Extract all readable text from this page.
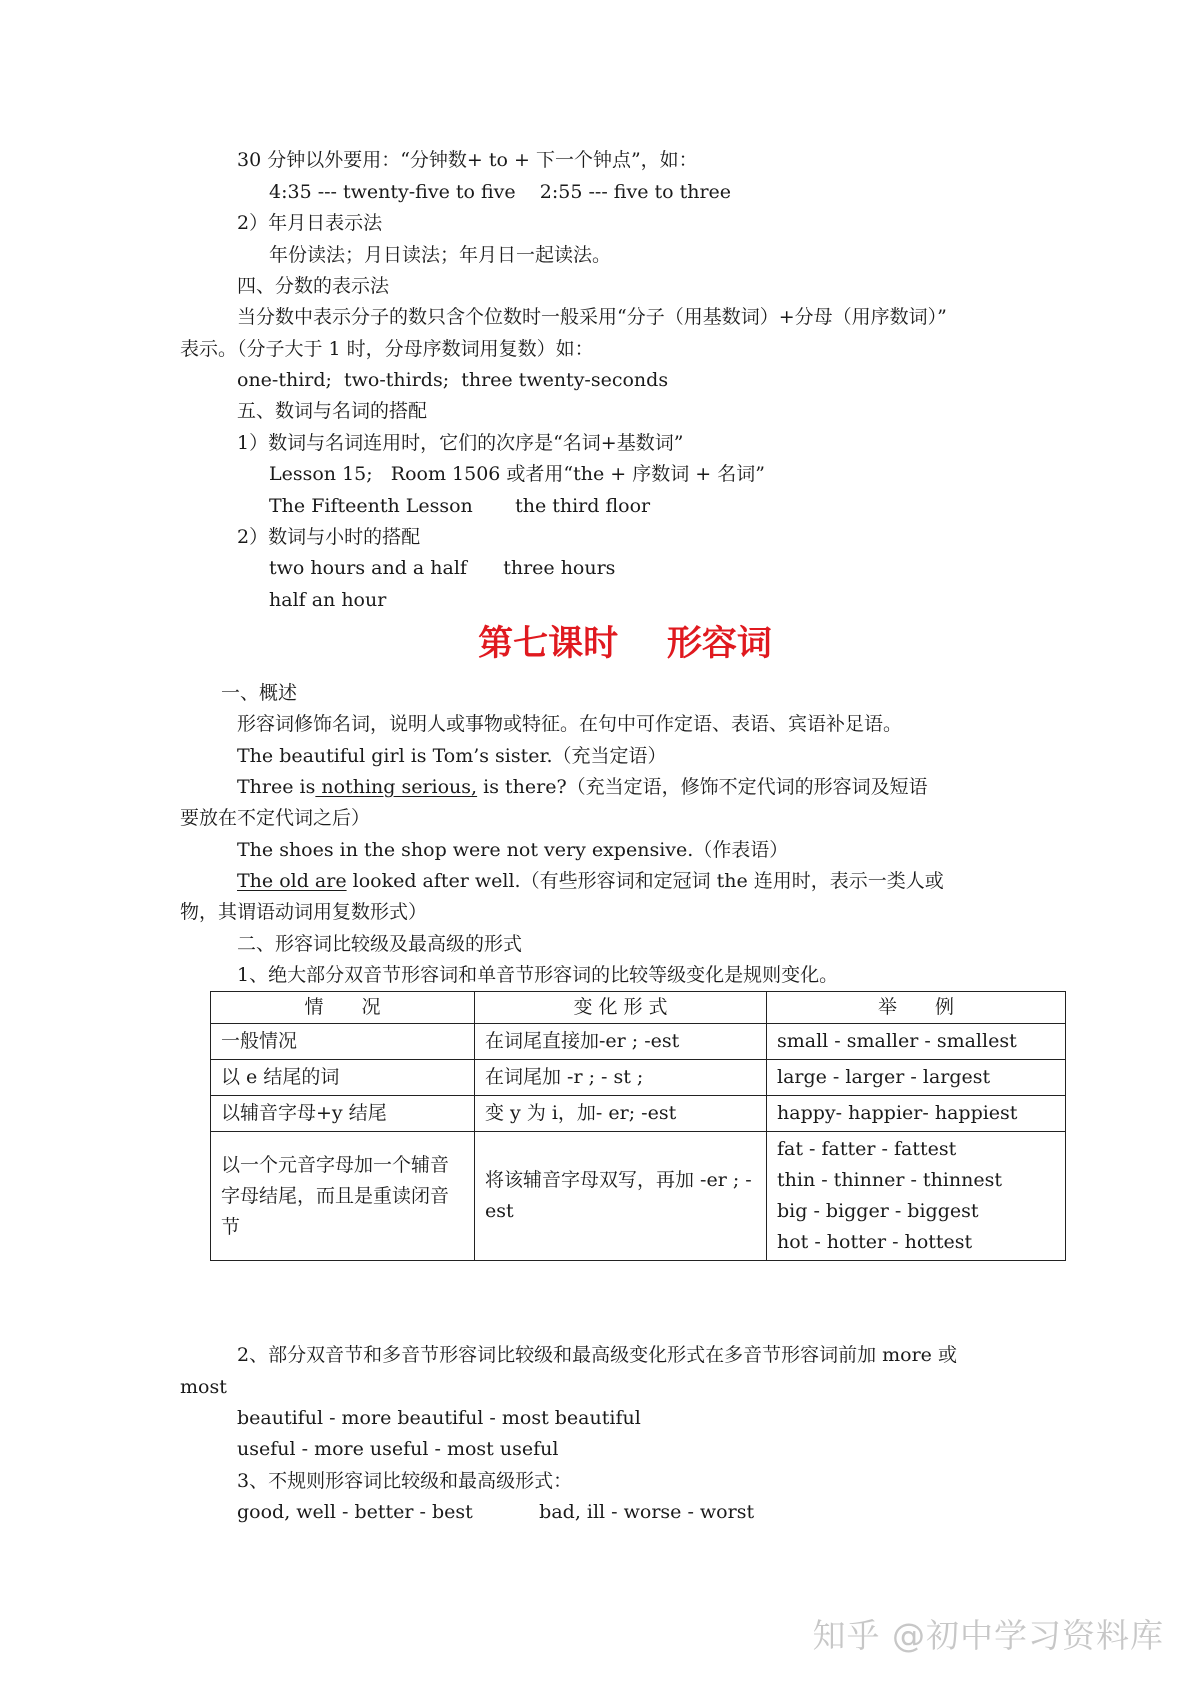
30 分钟以外要用：“分钟数+ to + 下一个钟点”，如：
4:35 --- twenty-five to five    2:55 --- five to three
2）年月日表示法
年份读法；月日读法；年月日一起读法。
四、分数的表示法
当分数中表示分子的数只含个位数时一般采用“分子（用基数词）+分母（用序数词）”
表示。（分子大于 1 时，分母序数词用复数）如：
one-third;  two-thirds;  three twenty-seconds
五、数词与名词的搭配
1）数词与名词连用时，它们的次序是“名词+基数词”
Lesson 15;   Room 1506 或者用“the + 序数词 + 名词”
The Fifteenth Lesson       the third floor
2）数词与小时的搭配
two hours and a half      three hours
half an hour
第七课时    形容词
一、概述
形容词修饰名词，说明人或事物或特征。在句中可作定语、表语、宾语补足语。
The beautiful girl is Tom’s sister.（充当定语）
Three is nothing serious, is there?（充当定语，修饰不定代词的形容词及短语
要放在不定代词之后）
The shoes in the shop were not very expensive.（作表语）
The old are looked after well.（有些形容词和定冠词 the 连用时，表示一类人或
物，其谓语动词用复数形式）
二、形容词比较级及最高级的形式
1、绝大部分双音节形容词和单音节形容词的比较等级变化是规则变化。
情　　况	变 化 形 式	举　　例
一般情况	在词尾直接加-er ; -est	small - smaller - smallest
以 e 结尾的词	在词尾加 -r ; - st ;	large - larger - largest
以辅音字母+y 结尾	变 y 为 i，加- er; -est	happy- happier- happiest
以一个元音字母加一个辅音字母结尾，而且是重读闭音节	将该辅音字母双写，再加 -er ; -est	fat - fatter - fattest
thin - thinner - thinnest
big - bigger - biggest
hot - hotter - hottest
2、部分双音节和多音节形容词比较级和最高级变化形式在多音节形容词前加 more 或
most
beautiful - more beautiful - most beautiful
useful - more useful - most useful
3、不规则形容词比较级和最高级形式：
good, well - better - best           bad, ill - worse - worst
知乎 @初中学习资料库
